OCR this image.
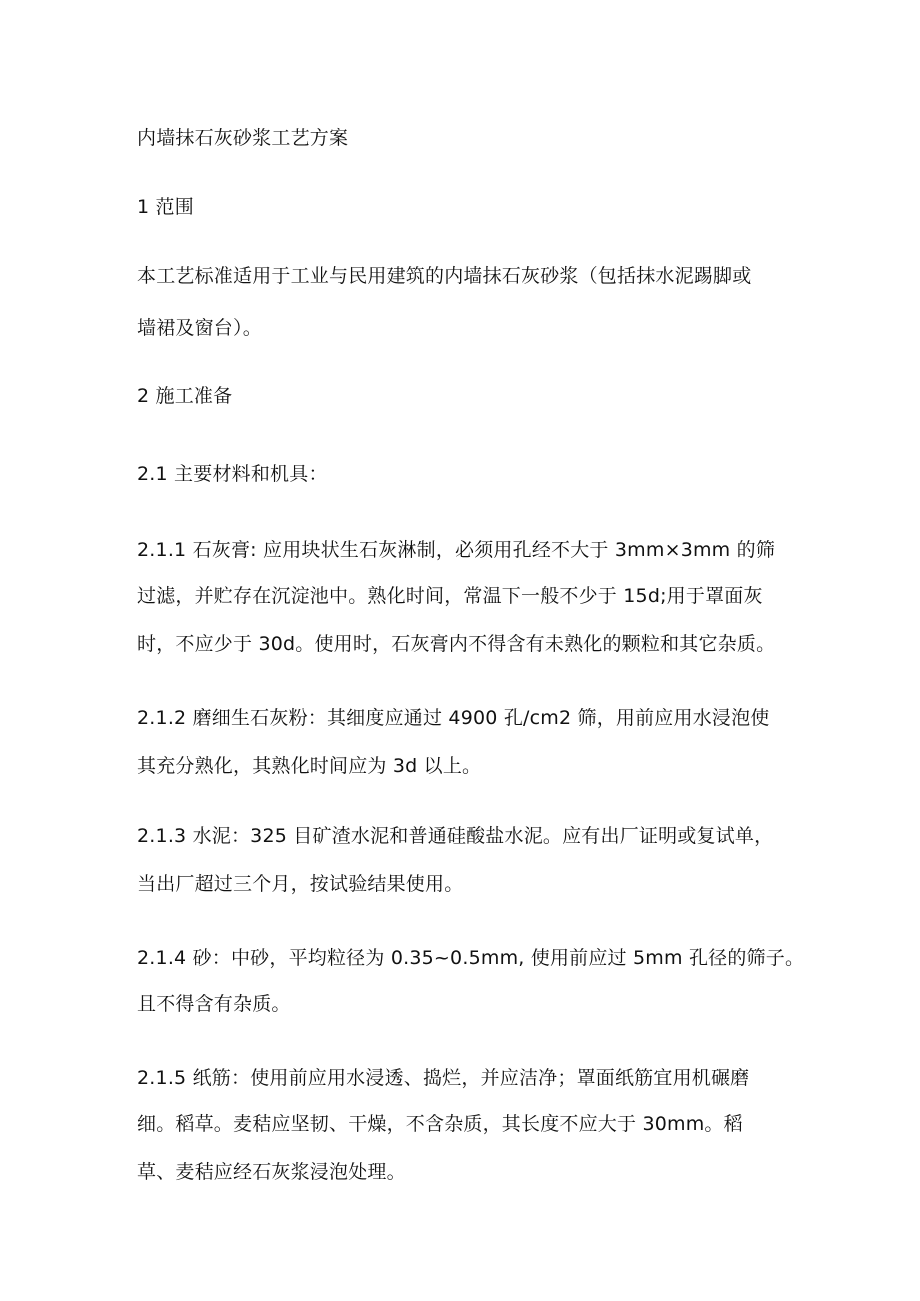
内墙抹石灰砂浆工艺方案

1 范围

本工艺标准适用于工业与民用建筑的内墙抹石灰砂浆（包括抹水泥踢脚或

墙裙及窗台）。

2 施工准备

2.1 主要材料和机具：

2.1.1 石灰膏: 应用块状生石灰淋制，必须用孔经不大于 3mm×3mm 的筛

过滤，并贮存在沉淀池中。熟化时间，常温下一般不少于 15d;用于罩面灰

时，不应少于 30d。使用时，石灰膏内不得含有未熟化的颗粒和其它杂质。

2.1.2 磨细生石灰粉：其细度应通过 4900 孔/cm2 筛，用前应用水浸泡使

其充分熟化，其熟化时间应为 3d 以上。

2.1.3 水泥：325 目矿渣水泥和普通硅酸盐水泥。应有出厂证明或复试单，

当出厂超过三个月，按试验结果使用。

2.1.4 砂：中砂，平均粒径为 0.35~0.5mm, 使用前应过 5mm 孔径的筛子。

且不得含有杂质。

2.1.5 纸筋：使用前应用水浸透、捣烂，并应洁净；罩面纸筋宜用机碾磨

细。稻草。麦秸应坚韧、干燥，不含杂质，其长度不应大于 30mm。稻

草、麦秸应经石灰浆浸泡处理。
